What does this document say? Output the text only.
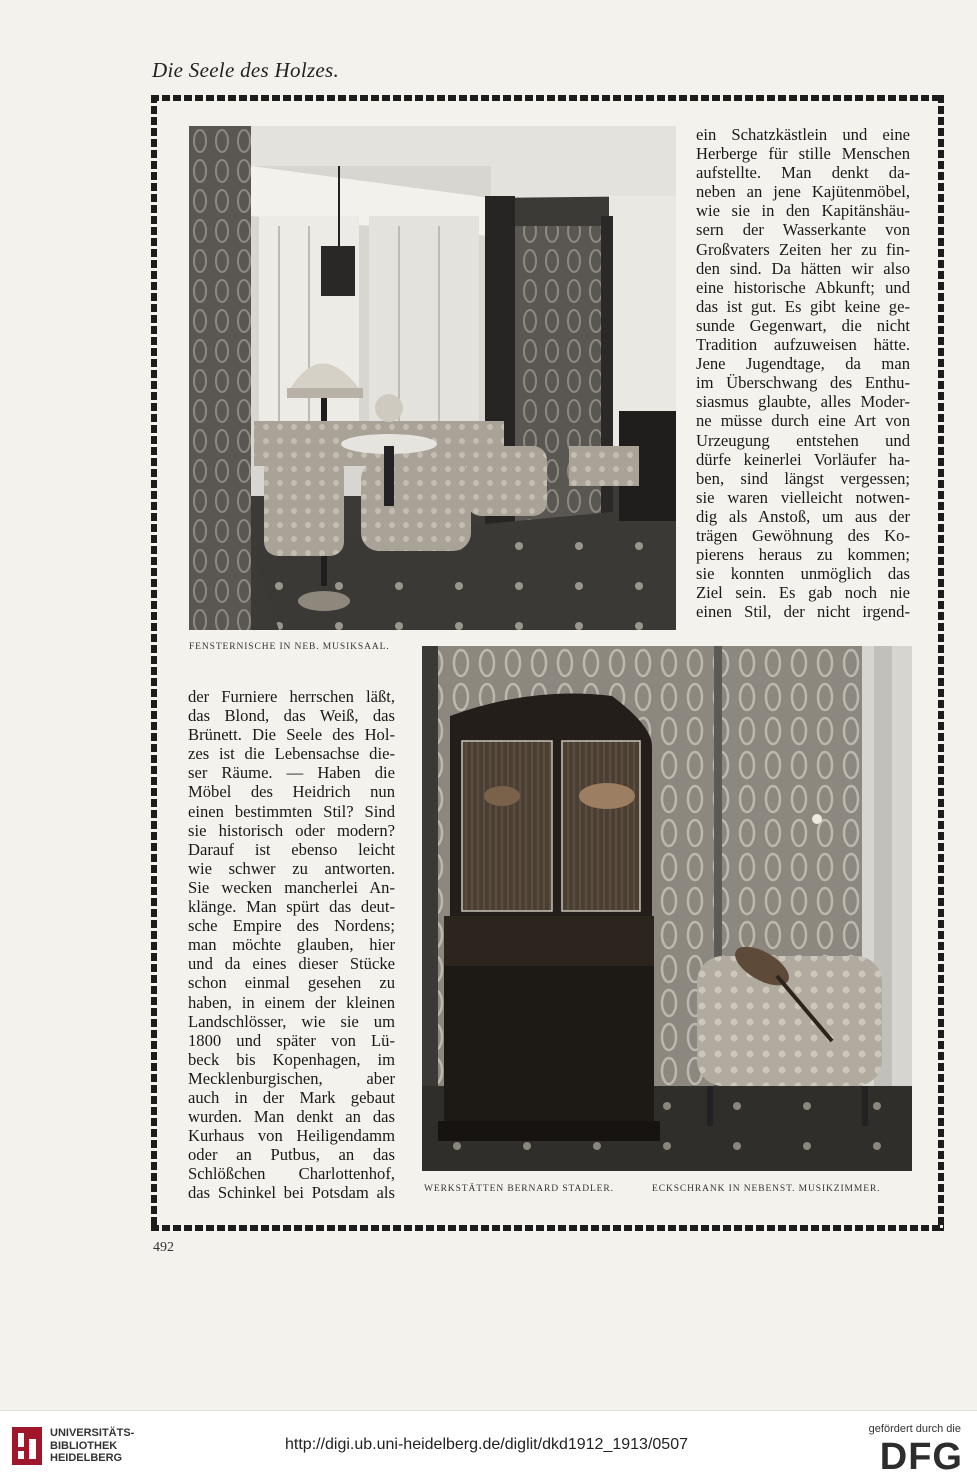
Die Seele des Holzes.
FENSTERNISCHE IN NEB. MUSIKSAAL.
ein Schatzkästlein und eine
Herberge für stille Menschen
aufstellte. Man denkt da-
neben an jene Kajütenmöbel,
wie sie in den Kapitänshäu-
sern der Wasserkante von
Großvaters Zeiten her zu fin-
den sind. Da hätten wir also
eine historische Abkunft; und
das ist gut. Es gibt keine ge-
sunde Gegenwart, die nicht
Tradition aufzuweisen hätte.
Jene Jugendtage, da man
im Überschwang des Enthu-
siasmus glaubte, alles Moder-
ne müsse durch eine Art von
Urzeugung entstehen und
dürfe keinerlei Vorläufer ha-
ben, sind längst vergessen;
sie waren vielleicht notwen-
dig als Anstoß, um aus der
trägen Gewöhnung des Ko-
pierens heraus zu kommen;
sie konnten unmöglich das
Ziel sein. Es gab noch nie
einen Stil, der nicht irgend-
WERKSTÄTTEN BERNARD STADLER.	ECKSCHRANK IN NEBENST. MUSIKZIMMER.
der Furniere herrschen läßt,
das Blond, das Weiß, das
Brünett. Die Seele des Hol-
zes ist die Lebensachse die-
ser Räume. — Haben die
Möbel des Heidrich nun
einen bestimmten Stil? Sind
sie historisch oder modern?
Darauf ist ebenso leicht
wie schwer zu antworten.
Sie wecken mancherlei An-
klänge. Man spürt das deut-
sche Empire des Nordens;
man möchte glauben, hier
und da eines dieser Stücke
schon einmal gesehen zu
haben, in einem der kleinen
Landschlösser, wie sie um
1800 und später von Lü-
beck bis Kopenhagen, im
Mecklenburgischen, aber
auch in der Mark gebaut
wurden. Man denkt an das
Kurhaus von Heiligendamm
oder an Putbus, an das
Schlößchen Charlottenhof,
das Schinkel bei Potsdam als
492
UNIVERSITÄTS-
BIBLIOTHEK
HEIDELBERG
http://digi.ub.uni-heidelberg.de/diglit/dkd1912_1913/0507
gefördert durch die
DFG
